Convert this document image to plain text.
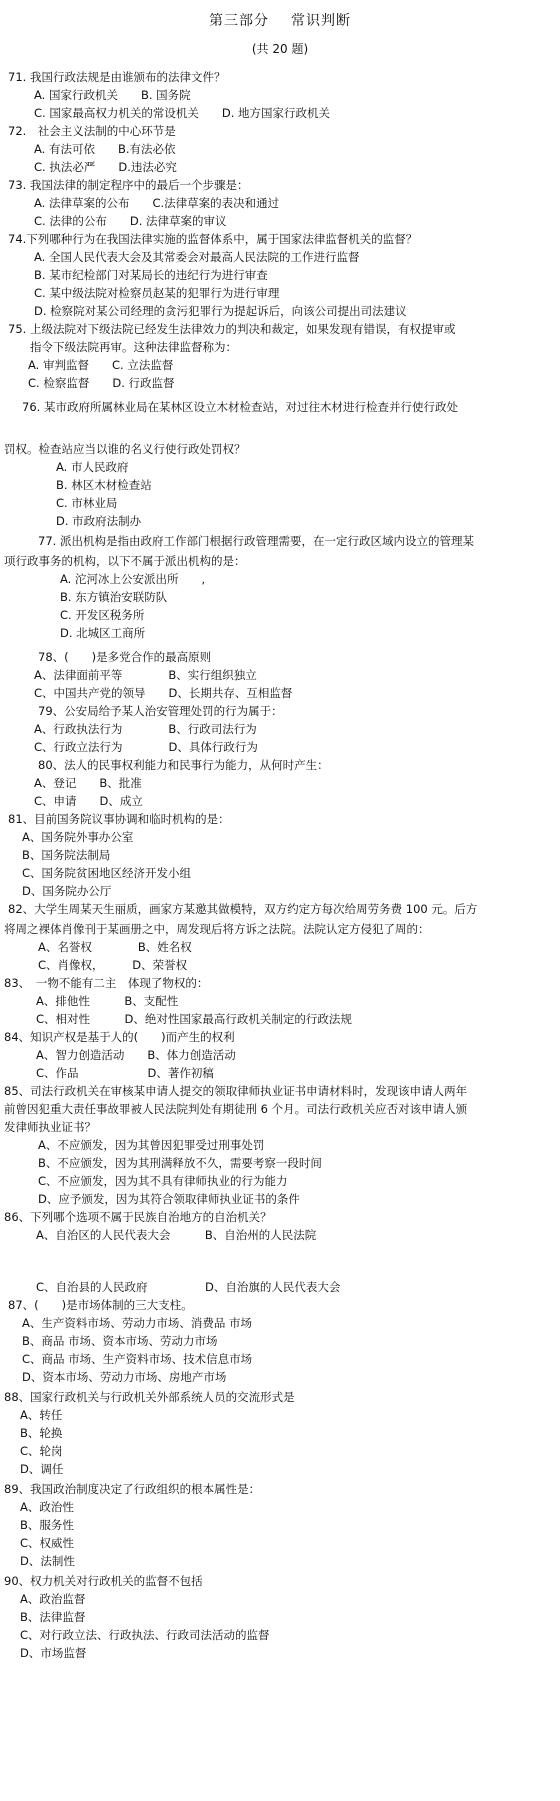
第三部分 常识判断
(共 20 题)
71. 我国行政法规是由谁颁布的法律文件？
A. 国家行政机关　　B. 国务院
C. 国家最高权力机关的常设机关　　D. 地方国家行政机关
72.　社会主义法制的中心环节是
A. 有法可依　　B.有法必依
C. 执法必严　　D.违法必究
73. 我国法律的制定程序中的最后一个步骤是：
A. 法律草案的公布　　C.法律草案的表决和通过
C. 法律的公布　　D. 法律草案的审议
74.下列哪种行为在我国法律实施的监督体系中，属于国家法律监督机关的监督？
A. 全国人民代表大会及其常委会对最高人民法院的工作进行监督
B. 某市纪检部门对某局长的违纪行为进行审查
C. 某中级法院对检察员赵某的犯罪行为进行审理
D. 检察院对某公司经理的贪污犯罪行为提起诉后，向该公司提出司法建议
75. 上级法院对下级法院已经发生法律效力的判决和裁定，如果发现有错误，有权提审或
指令下级法院再审。这种法律监督称为：
A. 审判监督　　C. 立法监督
C. 检察监督　　D. 行政监督
76. 某市政府所属林业局在某林区设立木材检查站，对过往木材进行检查并行使行政处
罚权。检查站应当以谁的名义行使行政处罚权？
A. 市人民政府
B. 林区木材检查站
C. 市林业局
D. 市政府法制办
77. 派出机构是指由政府工作部门根据行政管理需要，在一定行政区域内设立的管理某
项行政事务的机构，以下不属于派出机构的是：
A. 沱河冰上公安派出所　　,
B. 东方镇治安联防队
C. 开发区税务所
D. 北城区工商所
78、(　　)是多党合作的最高原则
A、法律面前平等　　　　B、实行组织独立
C、中国共产党的领导　　D、长期共存、互相监督
79、公安局给予某人治安管理处罚的行为属于：
A、行政执法行为　　　　B、行政司法行为
C、行政立法行为　　　　D、具体行政行为
80、法人的民事权利能力和民事行为能力，从何时产生：
A、登记　　B、批准
C、申请　　D、成立
81、目前国务院议事协调和临时机构的是：
A、国务院外事办公室
B、国务院法制局
C、国务院贫困地区经济开发小组
D、国务院办公厅
82、大学生周某天生丽质，画家方某邀其做模特，双方约定方每次给周劳务费 100 元。后方
将周之裸体肖像刊于某画册之中，周发现后将方诉之法院。法院认定方侵犯了周的：
A、名誉权　　　　B、姓名权
C、肖像权，　　　D、荣誉权
83、　一物不能有二主　体现了物权的：
A、排他性　　　B、支配性
C、相对性　　　D、绝对性国家最高行政机关制定的行政法规
84、知识产权是基于人的(　　)而产生的权利
A、智力创造活动　　B、体力创造活动
C、作品　　　　　　D、著作初稿
85、司法行政机关在审核某申请人提交的领取律师执业证书申请材料时，发现该申请人两年
前曾因犯重大责任事故罪被人民法院判处有期徒刑 6 个月。司法行政机关应否对该申请人颁
发律师执业证书？
A、不应颁发，因为其曾因犯罪受过刑事处罚
B、不应颁发，因为其刑满释放不久，需要考察一段时间
C、不应颁发，因为其不具有律师执业的行为能力
D、应予颁发，因为其符合领取律师执业证书的条件
86、下列哪个选项不属于民族自治地方的自治机关？
A、自治区的人民代表大会　　　B、自治州的人民法院
C、自治县的人民政府　　　　　D、自治旗的人民代表大会
87、(　　)是市场体制的三大支柱。
A、生产资料市场、劳动力市场、消费品 市场
B、商品 市场、资本市场、劳动力市场
C、商品 市场、生产资料市场、技术信息市场
D、资本市场、劳动力市场、房地产市场
88、国家行政机关与行政机关外部系统人员的交流形式是
A、转任
B、轮换
C、轮岗
D、调任
89、我国政治制度决定了行政组织的根本属性是：
A、政治性
B、服务性
C、权威性
D、法制性
90、权力机关对行政机关的监督不包括
A、政治监督
B、法律监督
C、对行政立法、行政执法、行政司法活动的监督
D、市场监督
